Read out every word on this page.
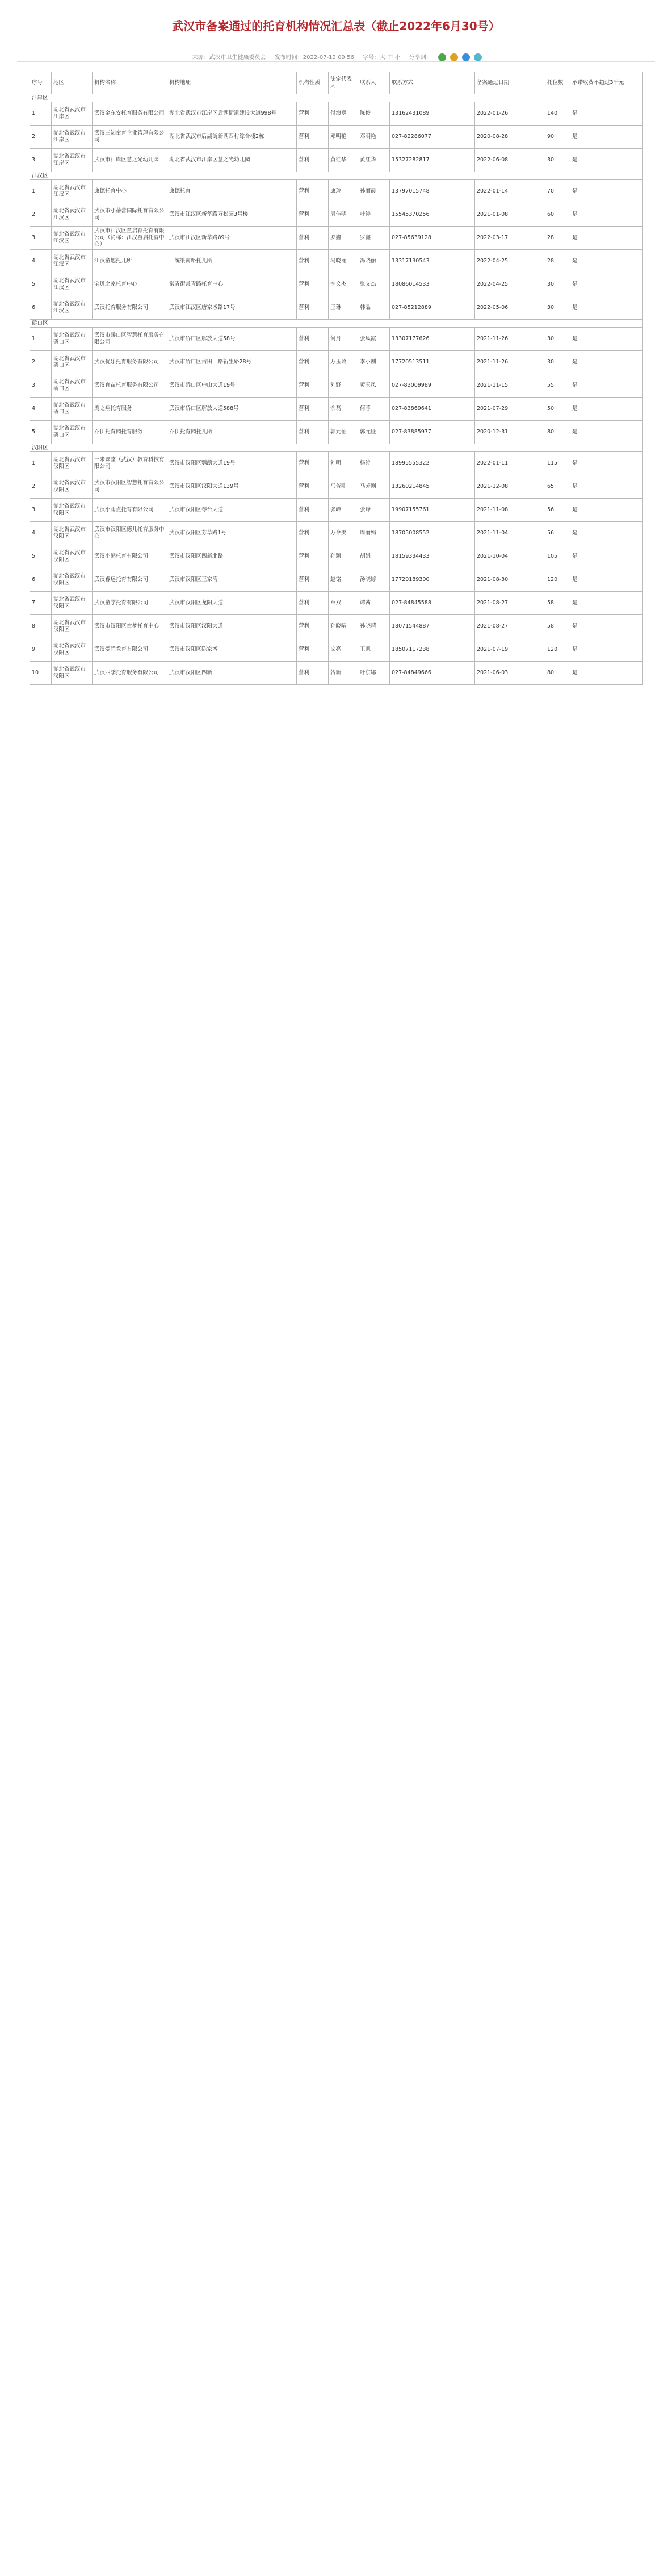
武汉市备案通过的托育机构情况汇总表（截止2022年6月30号）
来源：武汉市卫生健康委员会 发布时间：2022-07-12 09:56 字号：大 中 小 分享到：
序号	地区	机构名称	机构地址	机构性质	法定代表人	联系人	联系方式	备案通过日期	托位数	承诺收费不超过3千元
江岸区										
1	湖北省武汉市江岸区	武汉金东安托育服务有限公司	湖北省武汉市江岸区后湖街道建设大道998号	营利	付海翠	陈俊	13162431089	2022-01-26	140	是
2	湖北省武汉市江岸区	武汉三知童育企业管理有限公司	湖北省武汉市后湖街新湖四村综合楼2栋	营利	邓明艳	邓明艳	027-82286077	2020-08-28	90	是
3	湖北省武汉市江岸区	武汉市江岸区慧之光幼儿园	湖北省武汉市江岸区慧之光幼儿园	营利	黄红华	黄红华	15327282817	2022-06-08	30	是
江汉区										
1	湖北省武汉市江汉区	康德托育中心	康德托育	营利	康玲	孙丽霞	13797015748	2022-01-14	70	是
2	湖北省武汉市江汉区	武汉市小蓓蕾国际托育有限公司	武汉市江汉区新华路万松园3号楼	营利	周佳明	叶涛	15545370256	2021-01-08	60	是
3	湖北省武汉市江汉区	武汉市江汉区童启育托育有限公司（简称：江汉童启托育中心）	武汉市江汉区新华路89号	营利	罗鑫	罗鑫	027-85639128	2022-03-17	28	是
4	湖北省武汉市江汉区	江汉童趣托儿所	一统渠南路托儿所	营利	冯晓丽	冯晓丽	13317130543	2022-04-25	28	是
5	湖北省武汉市江汉区	宝贝之家托育中心	常青街常青路托育中心	营利	李文杰	张文杰	18086014533	2022-04-25	30	是
6	湖北省武汉市江汉区	武汉托育服务有限公司	武汉市江汉区唐家墩路17号	营利	王琳	韩晶	027-85212889	2022-05-06	30	是
硚口区										
1	湖北省武汉市硚口区	武汉市硚口区智慧托育服务有限公司	武汉市硚口区解放大道58号	营利	何丹	张凤霞	13307177626	2021-11-26	30	是
2	湖北省武汉市硚口区	武汉优乐托育服务有限公司	武汉市硚口区古田一路新生路28号	营利	万玉玲	李小刚	17720513511	2021-11-26	30	是
3	湖北省武汉市硚口区	武汉育苗托育服务有限公司	武汉市硚口区中山大道19号	营利	刘野	黄玉凤	027-83009989	2021-11-15	55	是
4	湖北省武汉市硚口区	鹰之翔托育服务	武汉市硚口区解放大道588号	营利	余磊	何蓉	027-83869641	2021-07-29	50	是
5	湖北省武汉市硚口区	乔伊托育园托育服务	乔伊托育园托儿所	营利	郭元征	郭元征	027-83885977	2020-12-31	80	是
汉阳区										
1	湖北省武汉市汉阳区	一米课堂（武汉）教育科技有限公司	武汉市汉阳区鹦鹉大道19号	营利	刘明	杨涛	18995555322	2022-01-11	115	是
2	湖北省武汉市汉阳区	武汉市汉阳区智慧托育有限公司	武汉市汉阳区汉阳大道139号	营利	马芳刚	马芳刚	13260214845	2021-12-08	65	是
3	湖北省武汉市汉阳区	武汉小雨点托育有限公司	武汉市汉阳区琴台大道	营利	张峰	张峰	19907155761	2021-11-08	56	是
4	湖北省武汉市汉阳区	武汉市汉阳区德儿托育服务中心	武汉市汉阳区芳草路1号	营利	万令美	周丽娟	18705008552	2021-11-04	56	是
5	湖北省武汉市汉阳区	武汉小熊托育有限公司	武汉市汉阳区四新北路	营利	孙颖	胡娟	18159334433	2021-10-04	105	是
6	湖北省武汉市汉阳区	武汉睿远托育有限公司	武汉市汉阳区王家湾	营利	赵铭	汤晓婷	17720189300	2021-08-30	120	是
7	湖北省武汉市汉阳区	武汉童学托育有限公司	武汉市汉阳区龙阳大道	营利	章双	谭茜	027-84845588	2021-08-27	58	是
8	湖北省武汉市汉阳区	武汉市汉阳区童梦托育中心	武汉市汉阳区汉阳大道	营利	孙晓晴	孙晓晴	18071544887	2021-08-27	58	是
9	湖北省武汉市汉阳区	武汉爱尚教育有限公司	武汉市汉阳区陈家墩	营利	文亮	王凯	18507117238	2021-07-19	120	是
10	湖北省武汉市汉阳区	武汉四季托育服务有限公司	武汉市汉阳区四新	营利	贺新	叶京娜	027-84849666	2021-06-03	80	是
